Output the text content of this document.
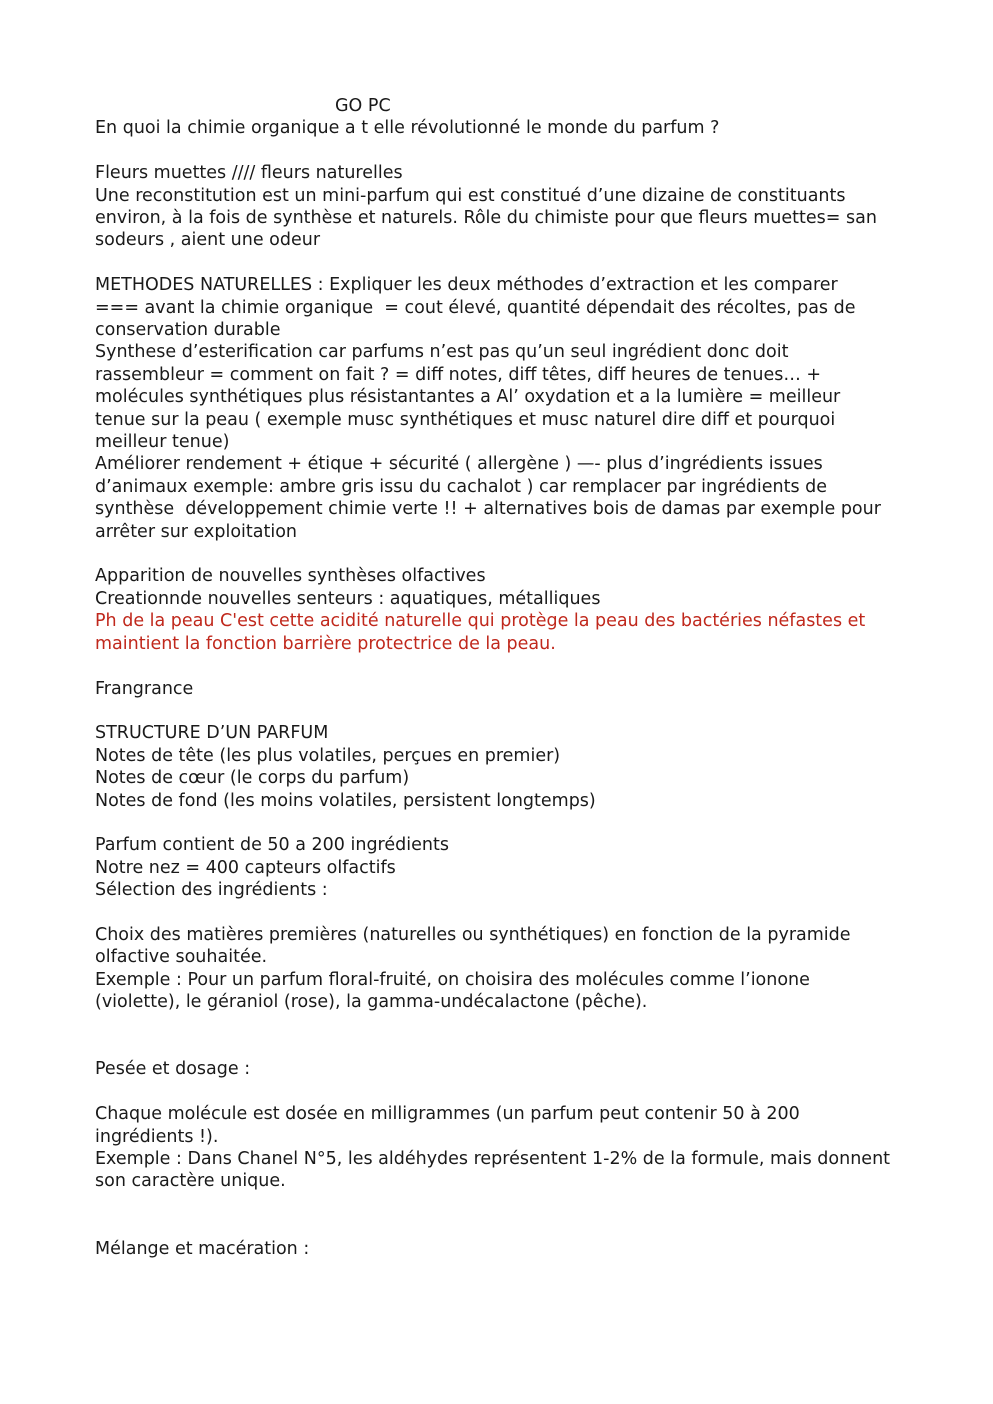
GO PC
En quoi la chimie organique a t elle révolutionné le monde du parfum ?
Fleurs muettes //// fleurs naturelles
Une reconstitution est un mini-parfum qui est constitué d’une dizaine de constituants environ, à la fois de synthèse et naturels. Rôle du chimiste pour que fleurs muettes= san sodeurs , aient une odeur
METHODES NATURELLES : Expliquer les deux méthodes d’extraction et les comparer
=== avant la chimie organique  = cout élevé, quantité dépendait des récoltes, pas de conservation durable
Synthese d’esterification car parfums n’est pas qu’un seul ingrédient donc doit rassembleur = comment on fait ? = diff notes, diff têtes, diff heures de tenues… + molécules synthétiques plus résistantantes a Al’ oxydation et a la lumière = meilleur tenue sur la peau ( exemple musc synthétiques et musc naturel dire diff et pourquoi meilleur tenue)
Améliorer rendement + étique + sécurité ( allergène ) —- plus d’ingrédients issues d’animaux exemple: ambre gris issu du cachalot ) car remplacer par ingrédients de synthèse  développement chimie verte !! + alternatives bois de damas par exemple pour arrêter sur exploitation
Apparition de nouvelles synthèses olfactives
Creationnde nouvelles senteurs : aquatiques, métalliques
Ph de la peau C'est cette acidité naturelle qui protège la peau des bactéries néfastes et maintient la fonction barrière protectrice de la peau.
Frangrance
STRUCTURE D’UN PARFUM
Notes de tête (les plus volatiles, perçues en premier)
Notes de cœur (le corps du parfum)
Notes de fond (les moins volatiles, persistent longtemps)
Parfum contient de 50 a 200 ingrédients
Notre nez = 400 capteurs olfactifs
Sélection des ingrédients :
Choix des matières premières (naturelles ou synthétiques) en fonction de la pyramide olfactive souhaitée.
Exemple : Pour un parfum floral-fruité, on choisira des molécules comme l’ionone (violette), le géraniol (rose), la gamma-undécalactone (pêche).
Pesée et dosage :
Chaque molécule est dosée en milligrammes (un parfum peut contenir 50 à 200 ingrédients !).
Exemple : Dans Chanel N°5, les aldéhydes représentent 1-2% de la formule, mais donnent son caractère unique.
Mélange et macération :
